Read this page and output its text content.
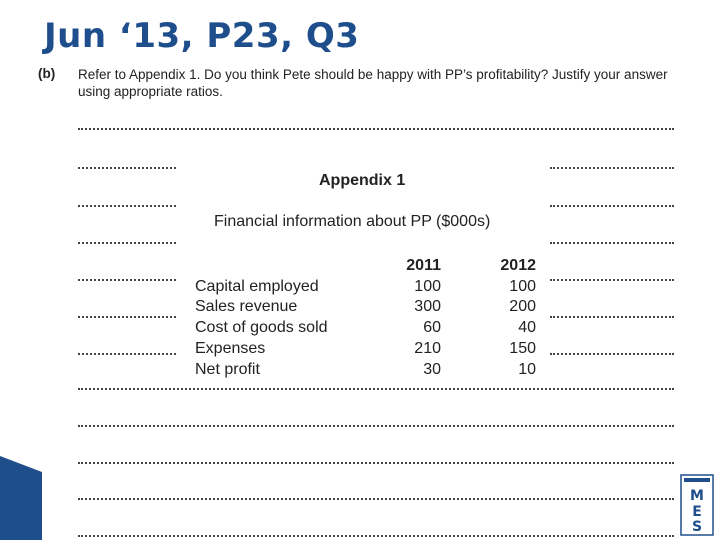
Jun ‘13, P23, Q3
(b) Refer to Appendix 1. Do you think Pete should be happy with PP’s profitability? Justify your answer using appropriate ratios.
Appendix 1
Financial information about PP ($000s)
	2011	2012
Capital employed	100	100
Sales revenue	300	200
Cost of goods sold	60	40
Expenses	210	150
Net profit	30	10
M
E
S
